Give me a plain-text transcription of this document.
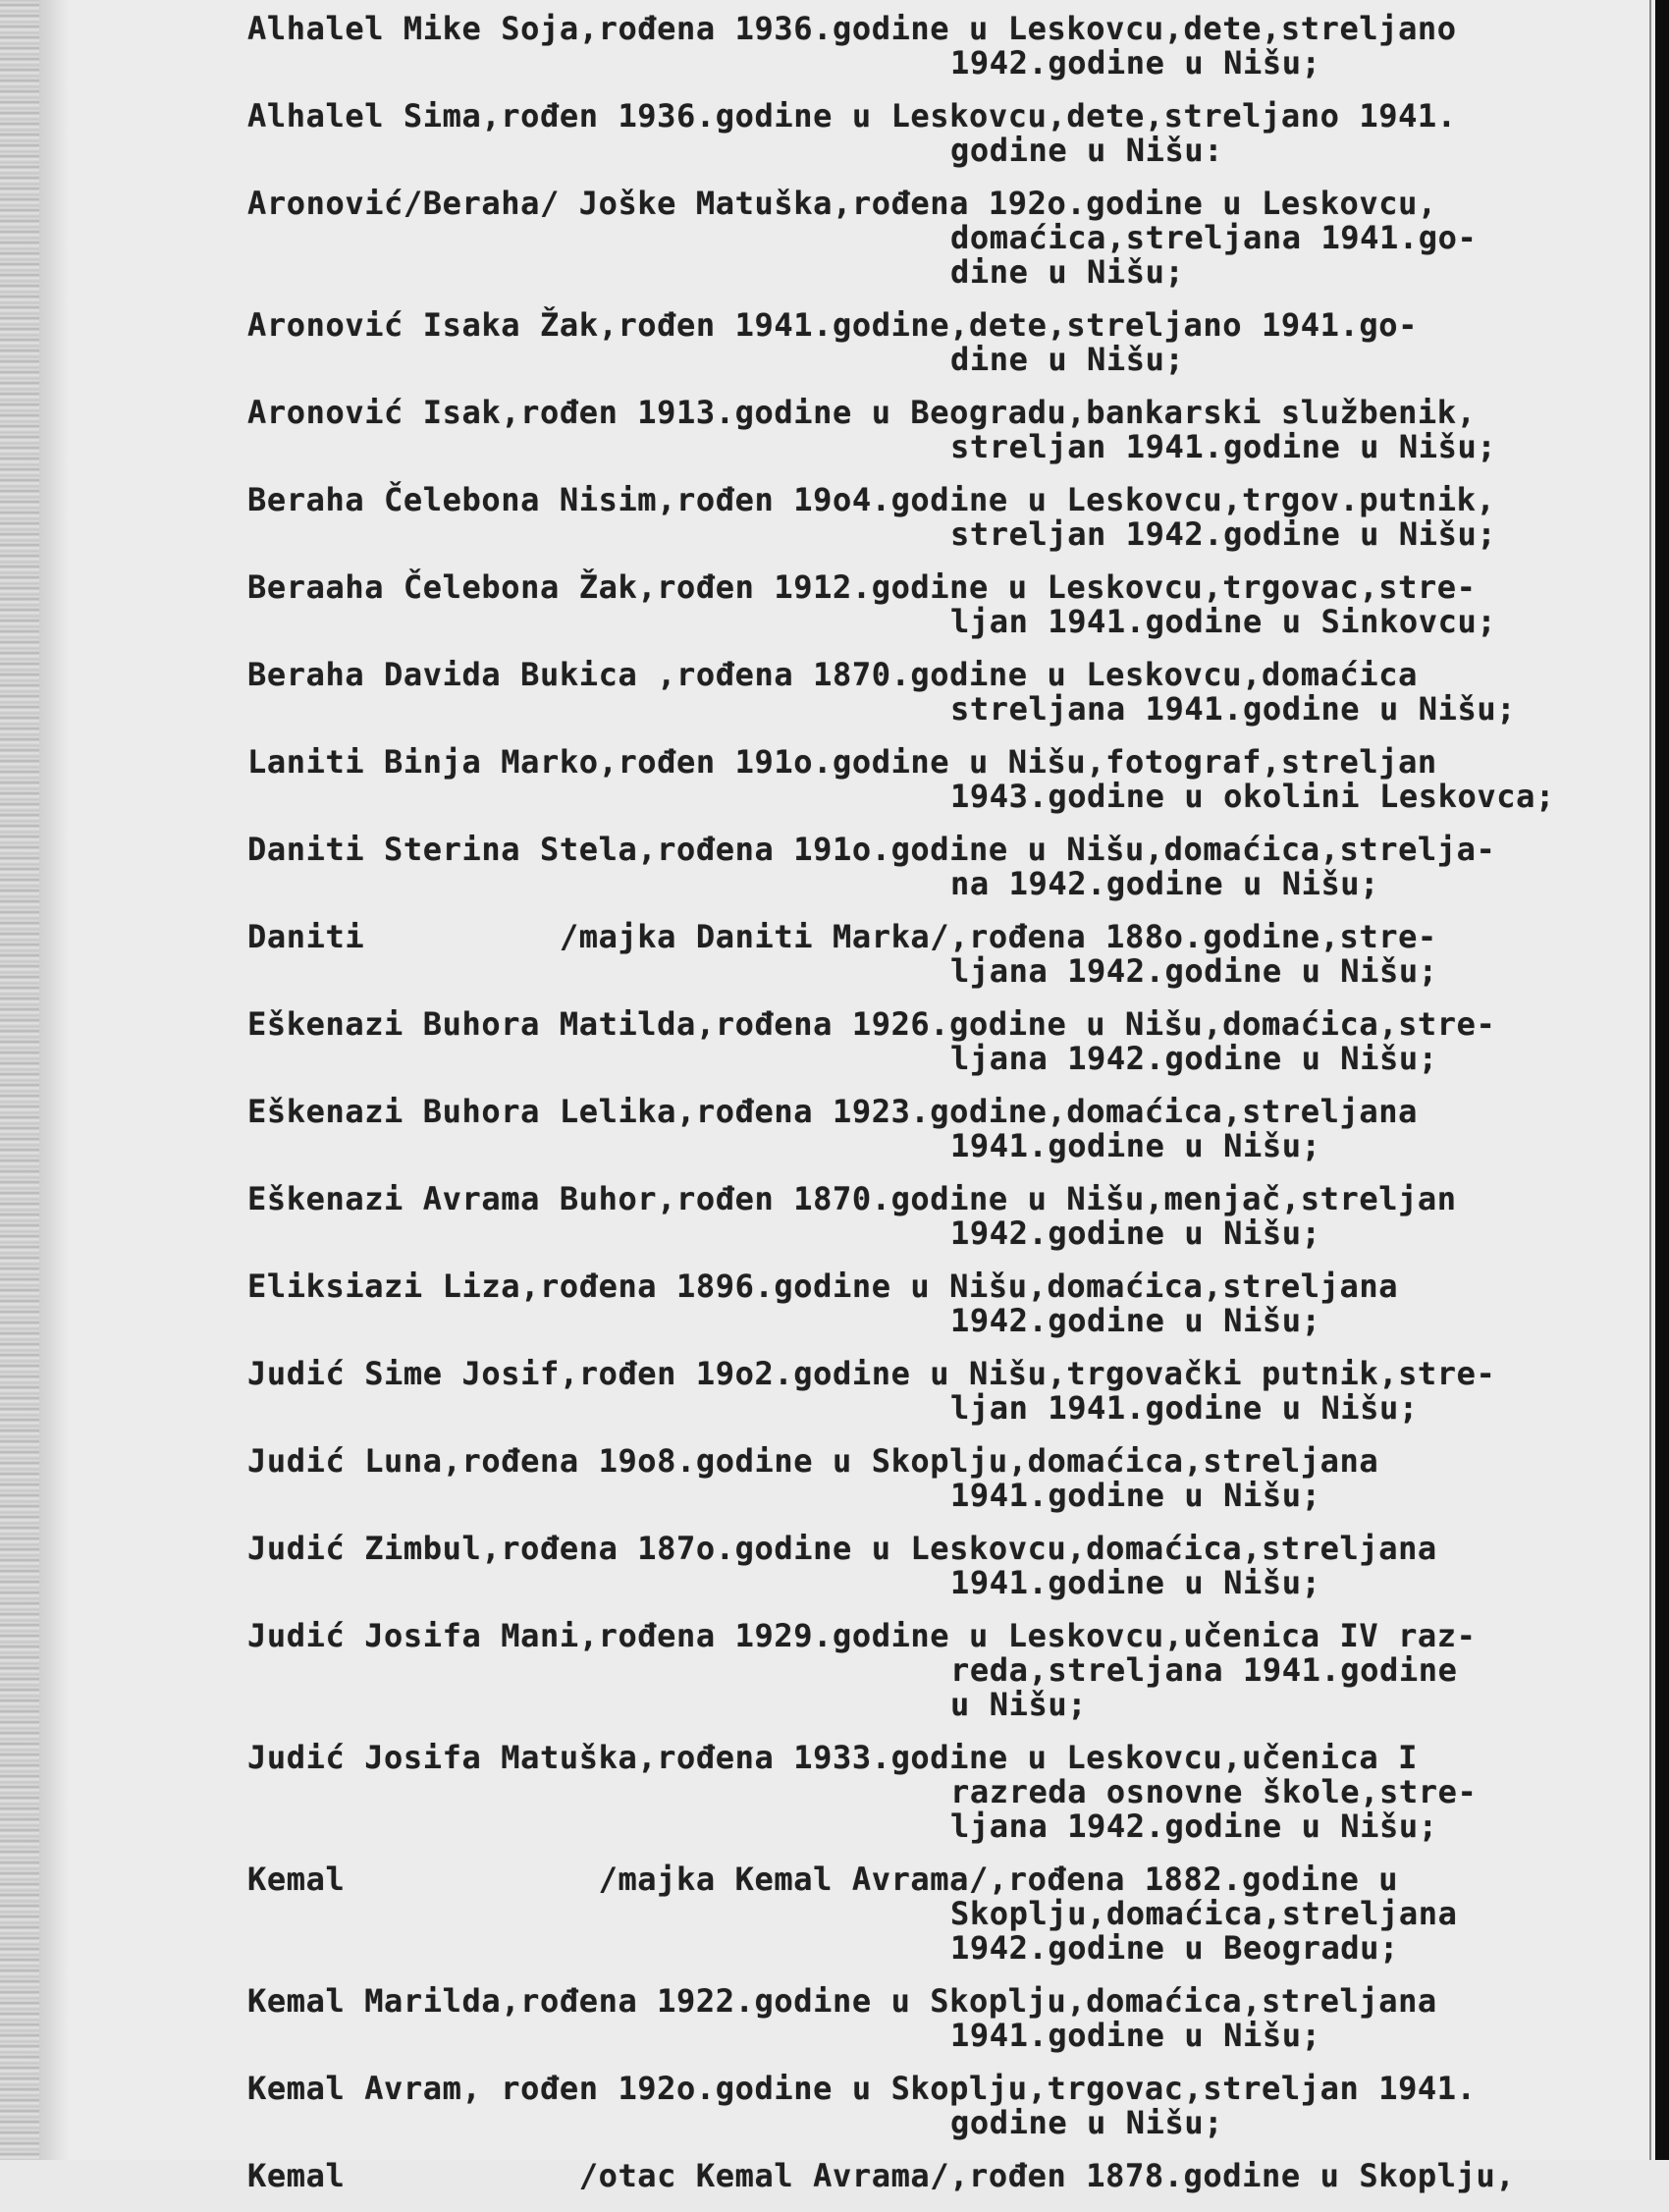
Alhalel Mike Soja,rođena 1936.godine u Leskovcu,dete,streljano
1942.godine u Nišu;
Alhalel Sima,rođen 1936.godine u Leskovcu,dete,streljano 1941.
godine u Nišu:
Aronović/Beraha/ Joške Matuška,rođena 192o.godine u Leskovcu,
domaćica,streljana 1941.go-
dine u Nišu;
Aronović Isaka Žak,rođen 1941.godine,dete,streljano 1941.go-
dine u Nišu;
Aronović Isak,rođen 1913.godine u Beogradu,bankarski službenik,
streljan 1941.godine u Nišu;
Beraha Čelebona Nisim,rođen 19o4.godine u Leskovcu,trgov.putnik,
streljan 1942.godine u Nišu;
Beraaha Čelebona Žak,rođen 1912.godine u Leskovcu,trgovac,stre-
ljan 1941.godine u Sinkovcu;
Beraha Davida Bukica ,rođena 1870.godine u Leskovcu,domaćica
streljana 1941.godine u Nišu;
Laniti Binja Marko,rođen 191o.godine u Nišu,fotograf,streljan
1943.godine u okolini Leskovca;
Daniti Sterina Stela,rođena 191o.godine u Nišu,domaćica,strelja-
na 1942.godine u Nišu;
Daniti          /majka Daniti Marka/,rođena 188o.godine,stre-
ljana 1942.godine u Nišu;
Eškenazi Buhora Matilda,rođena 1926.godine u Nišu,domaćica,stre-
ljana 1942.godine u Nišu;
Eškenazi Buhora Lelika,rođena 1923.godine,domaćica,streljana
1941.godine u Nišu;
Eškenazi Avrama Buhor,rođen 1870.godine u Nišu,menjač,streljan
1942.godine u Nišu;
Eliksiazi Liza,rođena 1896.godine u Nišu,domaćica,streljana
1942.godine u Nišu;
Judić Sime Josif,rođen 19o2.godine u Nišu,trgovački putnik,stre-
ljan 1941.godine u Nišu;
Judić Luna,rođena 19o8.godine u Skoplju,domaćica,streljana
1941.godine u Nišu;
Judić Zimbul,rođena 187o.godine u Leskovcu,domaćica,streljana
1941.godine u Nišu;
Judić Josifa Mani,rođena 1929.godine u Leskovcu,učenica IV raz-
reda,streljana 1941.godine
u Nišu;
Judić Josifa Matuška,rođena 1933.godine u Leskovcu,učenica I
razreda osnovne škole,stre-
ljana 1942.godine u Nišu;
Kemal             /majka Kemal Avrama/,rođena 1882.godine u
Skoplju,domaćica,streljana
1942.godine u Beogradu;
Kemal Marilda,rođena 1922.godine u Skoplju,domaćica,streljana
1941.godine u Nišu;
Kemal Avram, rođen 192o.godine u Skoplju,trgovac,streljan 1941.
godine u Nišu;
Kemal            /otac Kemal Avrama/,rođen 1878.godine u Skoplju,
